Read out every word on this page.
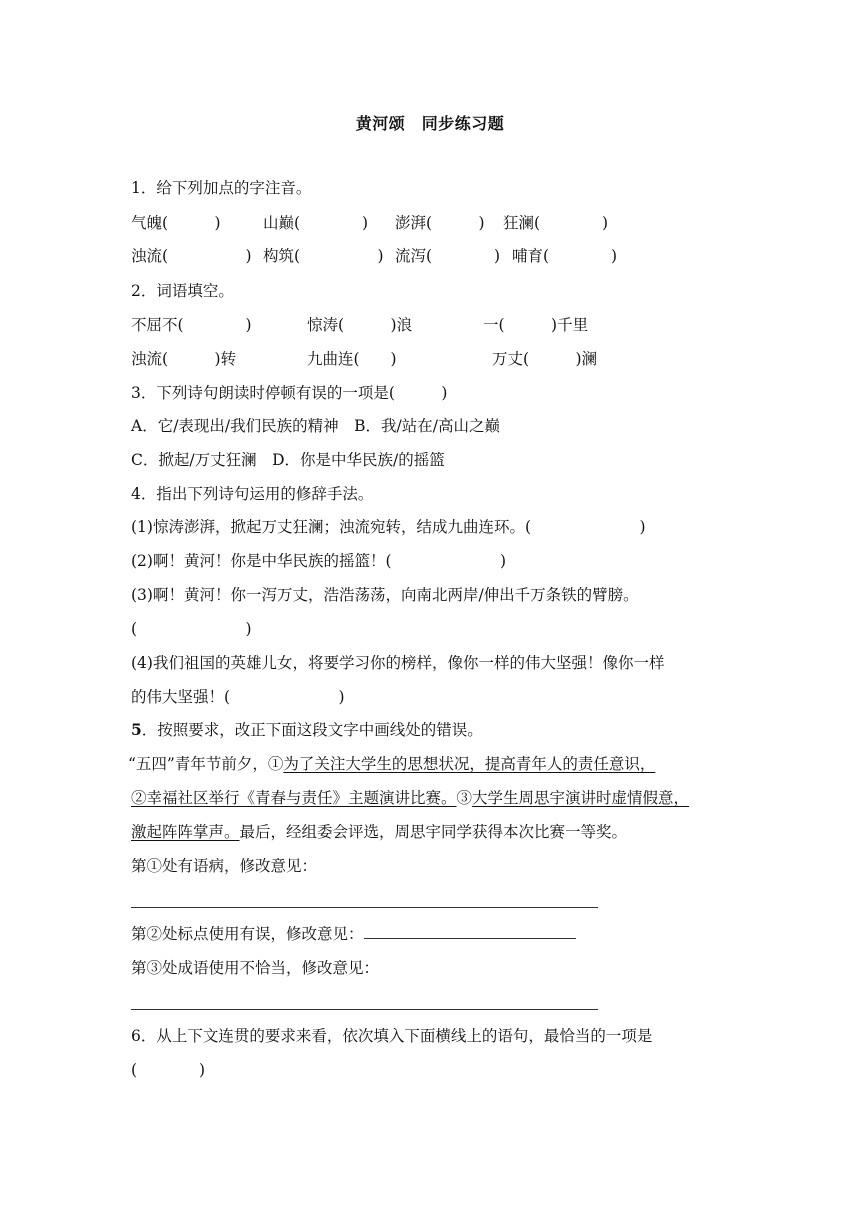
黄河颂　同步练习题
1．给下列加点的字注音。
气魄(　　　)	山巅(　　　　) 澎湃(　　　) 狂澜(　　　　)
浊流(　　　　　) 构筑(　　　　　) 流泻(　　　　) 哺育(　　　　)
2．词语填空。
不屈不(　　　　)	惊涛(　　　)浪	一(　　　)千里
浊流(　　　)转	九曲连(　　)	万丈(　　　)澜
3．下列诗句朗读时停顿有误的一项是(　　　)
A．它/表现出/我们民族的精神　B．我/站在/高山之巅
C．掀起/万丈狂澜　D．你是中华民族/的摇篮
4．指出下列诗句运用的修辞手法。
(1)惊涛澎湃，掀起万丈狂澜；浊流宛转，结成九曲连环。(　　　　　　　)
(2)啊！黄河！你是中华民族的摇篮！(　　　　　　　)
(3)啊！黄河！你一泻万丈，浩浩荡荡，向南北两岸/伸出千万条铁的臂膀。
(　　　　　　　)
(4)我们祖国的英雄儿女，将要学习你的榜样，像你一样的伟大坚强！像你一样
的伟大坚强！(　　　　　　　)
5．按照要求，改正下面这段文字中画线处的错误。
“五四”青年节前夕，①为了关注大学生的思想状况，提高青年人的责任意识，
②幸福社区举行《青春与责任》主题演讲比赛。③大学生周思宇演讲时虚情假意，
激起阵阵掌声。最后，经组委会评选，周思宇同学获得本次比赛一等奖。
第①处有语病，修改意见：
第②处标点使用有误，修改意见：
第③处成语使用不恰当，修改意见：
6．从上下文连贯的要求来看，依次填入下面横线上的语句，最恰当的一项是
(　　　　)
